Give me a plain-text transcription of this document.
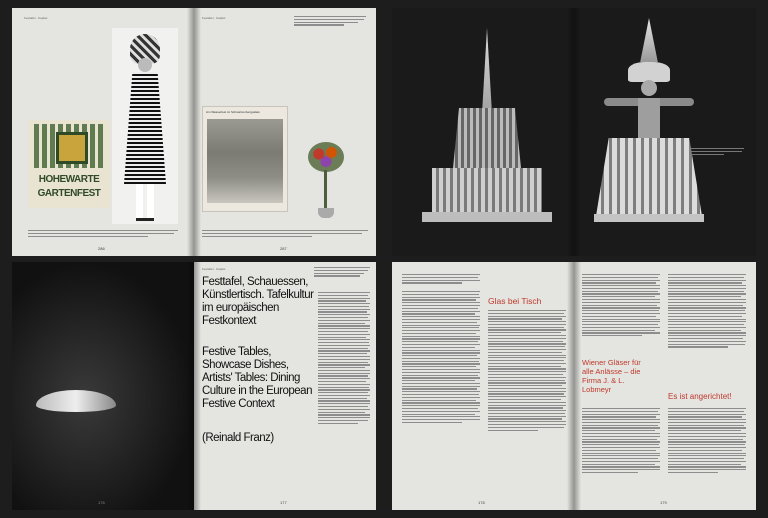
Festtafel · Kapitel
HOHEWARTE
GARTENFEST
286
Festtafel · Kapitel
Am Wasserfest im Schwarzenbergpalais
287
176
Festtafel · Kapitel
Festtafel, Schauessen, Künstlertisch. Tafelkultur im europäischen Festkontext
Festive Tables, Showcase Dishes, Artists' Tables: Dining Culture in the European Festive Context
(Reinald Franz)
177
Glas bei Tisch
178
Wiener Gläser für alle Anlässe – die Firma J. & L. Lobmeyr
Es ist angerichtet!
179
